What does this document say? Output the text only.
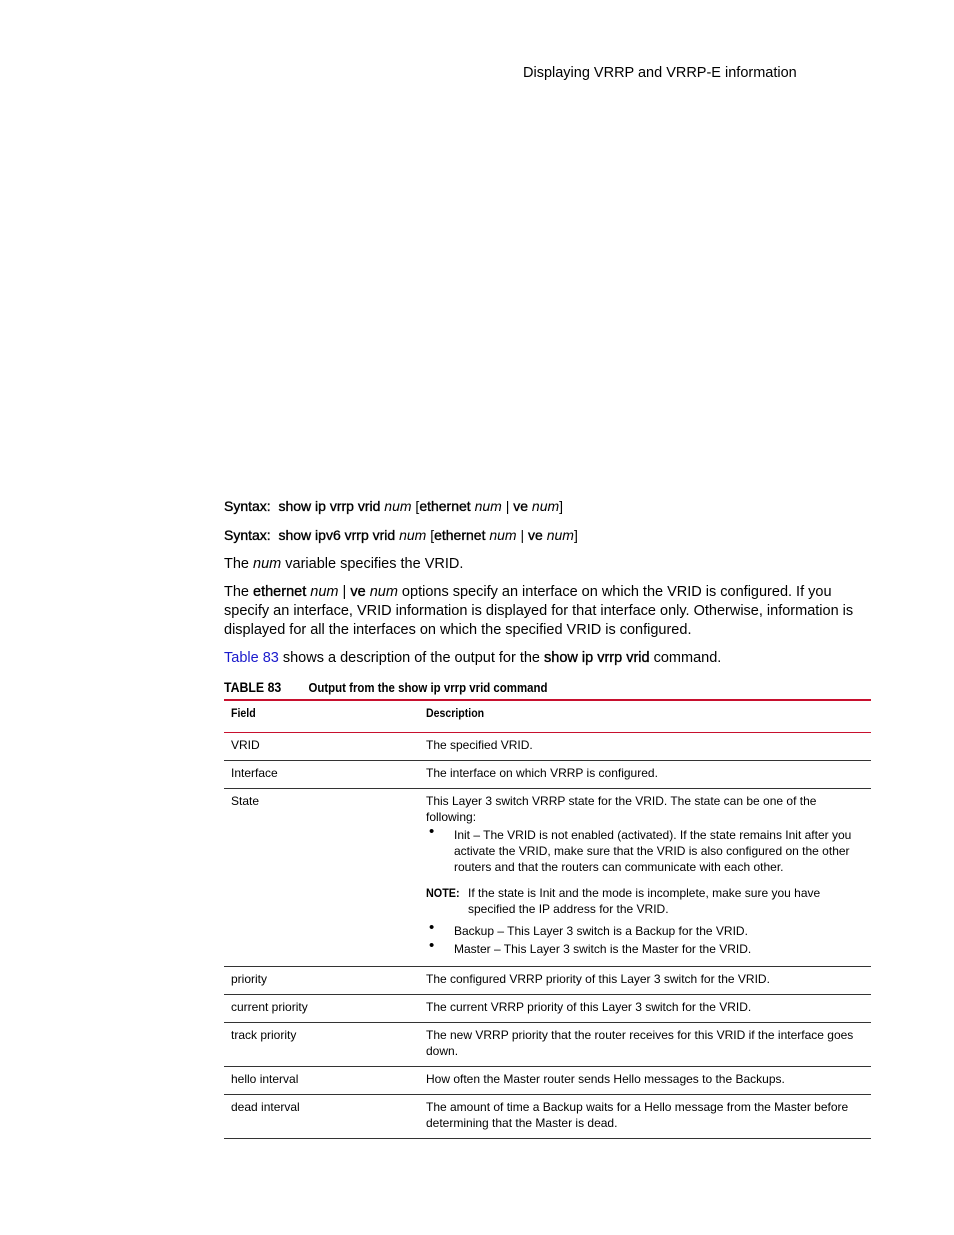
Displaying VRRP and VRRP-E information
Syntax: show ip vrrp vrid num [ethernet num | ve num]
Syntax: show ipv6 vrrp vrid num [ethernet num | ve num]

The num variable specifies the VRID.

The ethernet num | ve num options specify an interface on which the VRID is configured. If you specify an interface, VRID information is displayed for that interface only. Otherwise, information is displayed for all the interfaces on which the specified VRID is configured.

Table 83 shows a description of the output for the show ip vrrp vrid command.

TABLE 83	Output from the show ip vrrp vrid command
Field	Description
VRID	The specified VRID.
Interface	The interface on which VRRP is configured.
State	This Layer 3 switch VRRP state for the VRID. The state can be one of the following:
• Init – The VRID is not enabled (activated). If the state remains Init after you activate the VRID, make sure that the VRID is also configured on the other routers and that the routers can communicate with each other.
NOTE: If the state is Init and the mode is incomplete, make sure you have specified the IP address for the VRID.
• Backup – This Layer 3 switch is a Backup for the VRID.
• Master – This Layer 3 switch is the Master for the VRID.
priority	The configured VRRP priority of this Layer 3 switch for the VRID.
current priority	The current VRRP priority of this Layer 3 switch for the VRID.
track priority	The new VRRP priority that the router receives for this VRID if the interface goes down.
hello interval	How often the Master router sends Hello messages to the Backups.
dead interval	The amount of time a Backup waits for a Hello message from the Master before determining that the Master is dead.
